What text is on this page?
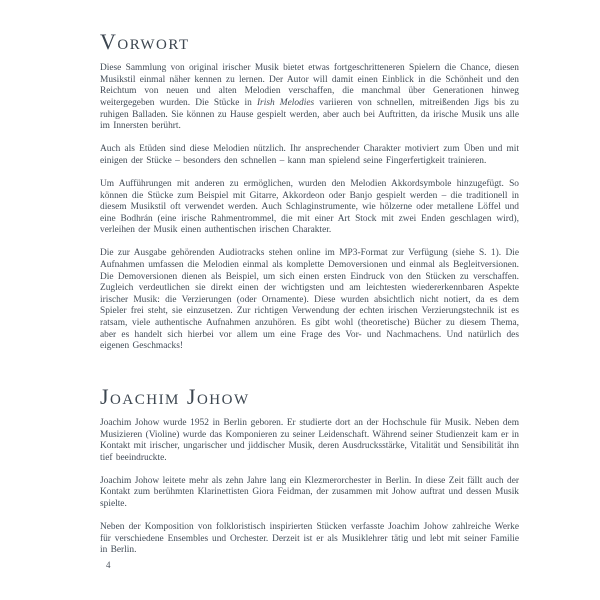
Vorwort

Diese Sammlung von original irischer Musik bietet etwas fortgeschritteneren Spielern die Chance, diesen Musikstil einmal näher kennen zu lernen. Der Autor will damit einen Einblick in die Schönheit und den Reichtum von neuen und alten Melodien verschaffen, die manchmal über Generationen hinweg weitergegeben wurden. Die Stücke in Irish Melodies variieren von schnellen, mitreißenden Jigs bis zu ruhigen Balladen. Sie können zu Hause gespielt werden, aber auch bei Auftritten, da irische Musik uns alle im Innersten berührt.

Auch als Etüden sind diese Melodien nützlich. Ihr ansprechender Charakter motiviert zum Üben und mit einigen der Stücke – besonders den schnellen – kann man spielend seine Fingerfertigkeit trainieren.

Um Aufführungen mit anderen zu ermöglichen, wurden den Melodien Akkordsymbole hinzugefügt. So können die Stücke zum Beispiel mit Gitarre, Akkordeon oder Banjo gespielt werden – die traditionell in diesem Musikstil oft verwendet werden. Auch Schlaginstrumente, wie hölzerne oder metallene Löffel und eine Bodhrán (eine irische Rahmentrommel, die mit einer Art Stock mit zwei Enden geschlagen wird), verleihen der Musik einen authentischen irischen Charakter.

Die zur Ausgabe gehörenden Audiotracks stehen online im MP3-Format zur Verfügung (siehe S. 1). Die Aufnahmen umfassen die Melodien einmal als komplette Demoversionen und einmal als Begleitversionen. Die Demoversionen dienen als Beispiel, um sich einen ersten Eindruck von den Stücken zu verschaffen. Zugleich verdeutlichen sie direkt einen der wichtigsten und am leichtesten wiedererkennbaren Aspekte irischer Musik: die Verzierungen (oder Ornamente). Diese wurden absichtlich nicht notiert, da es dem Spieler frei steht, sie einzusetzen. Zur richtigen Verwendung der echten irischen Verzierungstechnik ist es ratsam, viele authentische Aufnahmen anzuhören. Es gibt wohl (theoretische) Bücher zu diesem Thema, aber es handelt sich hierbei vor allem um eine Frage des Vor- und Nachmachens. Und natürlich des eigenen Geschmacks!

Joachim Johow

Joachim Johow wurde 1952 in Berlin geboren. Er studierte dort an der Hochschule für Musik. Neben dem Musizieren (Violine) wurde das Komponieren zu seiner Leidenschaft. Während seiner Studienzeit kam er in Kontakt mit irischer, ungarischer und jiddischer Musik, deren Ausdrucksstärke, Vitalität und Sensibilität ihn tief beeindruckte.

Joachim Johow leitete mehr als zehn Jahre lang ein Klezmerorchester in Berlin. In diese Zeit fällt auch der Kontakt zum berühmten Klarinettisten Giora Feidman, der zusammen mit Johow auftrat und dessen Musik spielte.

Neben der Komposition von folkloristisch inspirierten Stücken verfasste Joachim Johow zahlreiche Werke für verschiedene Ensembles und Orchester. Derzeit ist er als Musiklehrer tätig und lebt mit seiner Familie in Berlin.

4
